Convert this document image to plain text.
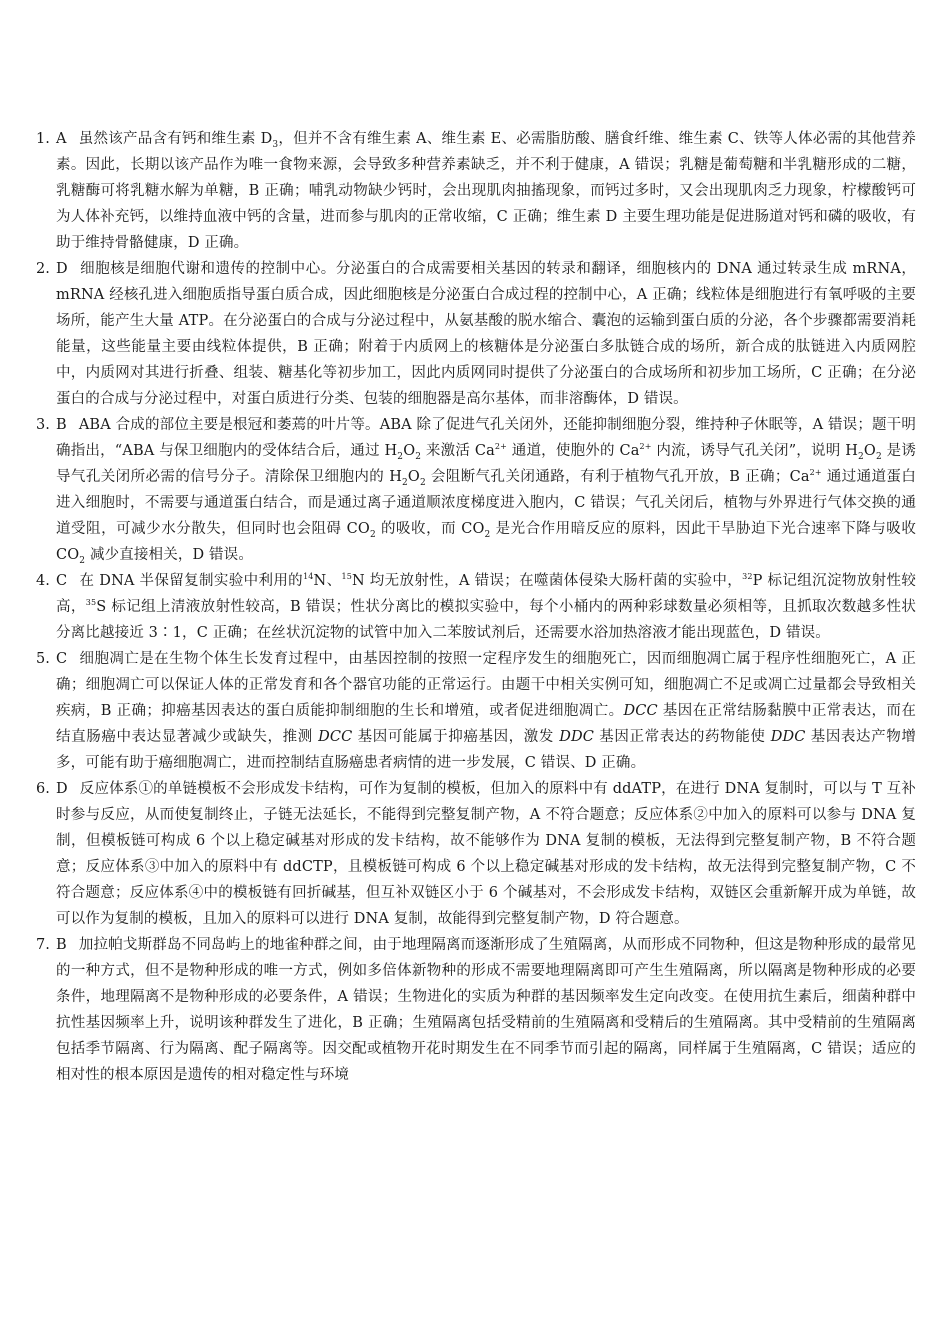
1. A 虽然该产品含有钙和维生素 $D_3$，但并不含有维生素 A、维生素 E、必需脂肪酸、膳食纤维、维生素 C、铁等人体必需的其他营养素。因此，长期以该产品作为唯一食物来源，会导致多种营养素缺乏，并不利于健康，A 错误；乳糖是葡萄糖和半乳糖形成的二糖，乳糖酶可将乳糖水解为单糖，B 正确；哺乳动物缺少钙时，会出现肌肉抽搐现象，而钙过多时，又会出现肌肉乏力现象，柠檬酸钙可为人体补充钙，以维持血液中钙的含量，进而参与肌肉的正常收缩，C 正确；维生素 D 主要生理功能是促进肠道对钙和磷的吸收，有助于维持骨骼健康，D 正确。
2. D 细胞核是细胞代谢和遗传的控制中心。分泌蛋白的合成需要相关基因的转录和翻译，细胞核内的 DNA 通过转录生成 mRNA，mRNA 经核孔进入细胞质指导蛋白质合成，因此细胞核是分泌蛋白合成过程的控制中心，A 正确；线粒体是细胞进行有氧呼吸的主要场所，能产生大量 ATP。在分泌蛋白的合成与分泌过程中，从氨基酸的脱水缩合、囊泡的运输到蛋白质的分泌，各个步骤都需要消耗能量，这些能量主要由线粒体提供，B 正确；附着于内质网上的核糖体是分泌蛋白多肽链合成的场所，新合成的肽链进入内质网腔中，内质网对其进行折叠、组装、糖基化等初步加工，因此内质网同时提供了分泌蛋白的合成场所和初步加工场所，C 正确；在分泌蛋白的合成与分泌过程中，对蛋白质进行分类、包装的细胞器是高尔基体，而非溶酶体，D 错误。
3. B ABA 合成的部位主要是根冠和萎蔫的叶片等。ABA 除了促进气孔关闭外，还能抑制细胞分裂，维持种子休眠等，A 错误；题干明确指出，“ABA 与保卫细胞内的受体结合后，通过 $H_2O_2$ 来激活 $Ca^{2+}$ 通道，使胞外的 $Ca^{2+}$ 内流，诱导气孔关闭”，说明 $H_2O_2$ 是诱导气孔关闭所必需的信号分子。清除保卫细胞内的 $H_2O_2$ 会阻断气孔关闭通路，有利于植物气孔开放，B 正确；$Ca^{2+}$ 通过通道蛋白进入细胞时，不需要与通道蛋白结合，而是通过离子通道顺浓度梯度进入胞内，C 错误；气孔关闭后，植物与外界进行气体交换的通道受阻，可减少水分散失，但同时也会阻碍 $CO_2$ 的吸收，而 $CO_2$ 是光合作用暗反应的原料，因此干旱胁迫下光合速率下降与吸收 $CO_2$ 减少直接相关，D 错误。
4. C 在 DNA 半保留复制实验中利用的$^{14}$N、$^{15}$N 均无放射性，A 错误；在噬菌体侵染大肠杆菌的实验中，$^{32}$P 标记组沉淀物放射性较高，$^{35}$S 标记组上清液放射性较高，B 错误；性状分离比的模拟实验中，每个小桶内的两种彩球数量必须相等，且抓取次数越多性状分离比越接近 3∶1，C 正确；在丝状沉淀物的试管中加入二苯胺试剂后，还需要水浴加热溶液才能出现蓝色，D 错误。
5. C 细胞凋亡是在生物个体生长发育过程中，由基因控制的按照一定程序发生的细胞死亡，因而细胞凋亡属于程序性细胞死亡，A 正确；细胞凋亡可以保证人体的正常发育和各个器官功能的正常运行。由题干中相关实例可知，细胞凋亡不足或凋亡过量都会导致相关疾病，B 正确；抑癌基因表达的蛋白质能抑制细胞的生长和增殖，或者促进细胞凋亡。DCC 基因在正常结肠黏膜中正常表达，而在结直肠癌中表达显著减少或缺失，推测 DCC 基因可能属于抑癌基因，激发 DDC 基因正常表达的药物能使 DDC 基因表达产物增多，可能有助于癌细胞凋亡，进而控制结直肠癌患者病情的进一步发展，C 错误、D 正确。
6. D 反应体系①的单链模板不会形成发卡结构，可作为复制的模板，但加入的原料中有 ddATP，在进行 DNA 复制时，可以与 T 互补时参与反应，从而使复制终止，子链无法延长，不能得到完整复制产物，A 不符合题意；反应体系②中加入的原料可以参与 DNA 复制，但模板链可构成 6 个以上稳定碱基对形成的发卡结构，故不能够作为 DNA 复制的模板，无法得到完整复制产物，B 不符合题意；反应体系③中加入的原料中有 ddCTP，且模板链可构成 6 个以上稳定碱基对形成的发卡结构，故无法得到完整复制产物，C 不符合题意；反应体系④中的模板链有回折碱基，但互补双链区小于 6 个碱基对，不会形成发卡结构，双链区会重新解开成为单链，故可以作为复制的模板，且加入的原料可以进行 DNA 复制，故能得到完整复制产物，D 符合题意。
7. B 加拉帕戈斯群岛不同岛屿上的地雀种群之间，由于地理隔离而逐渐形成了生殖隔离，从而形成不同物种，但这是物种形成的最常见的一种方式，但不是物种形成的唯一方式，例如多倍体新物种的形成不需要地理隔离即可产生生殖隔离，所以隔离是物种形成的必要条件，地理隔离不是物种形成的必要条件，A 错误；生物进化的实质为种群的基因频率发生定向改变。在使用抗生素后，细菌种群中抗性基因频率上升，说明该种群发生了进化，B 正确；生殖隔离包括受精前的生殖隔离和受精后的生殖隔离。其中受精前的生殖隔离包括季节隔离、行为隔离、配子隔离等。因交配或植物开花时期发生在不同季节而引起的隔离，同样属于生殖隔离，C 错误；适应的相对性的根本原因是遗传的相对稳定性与环境
